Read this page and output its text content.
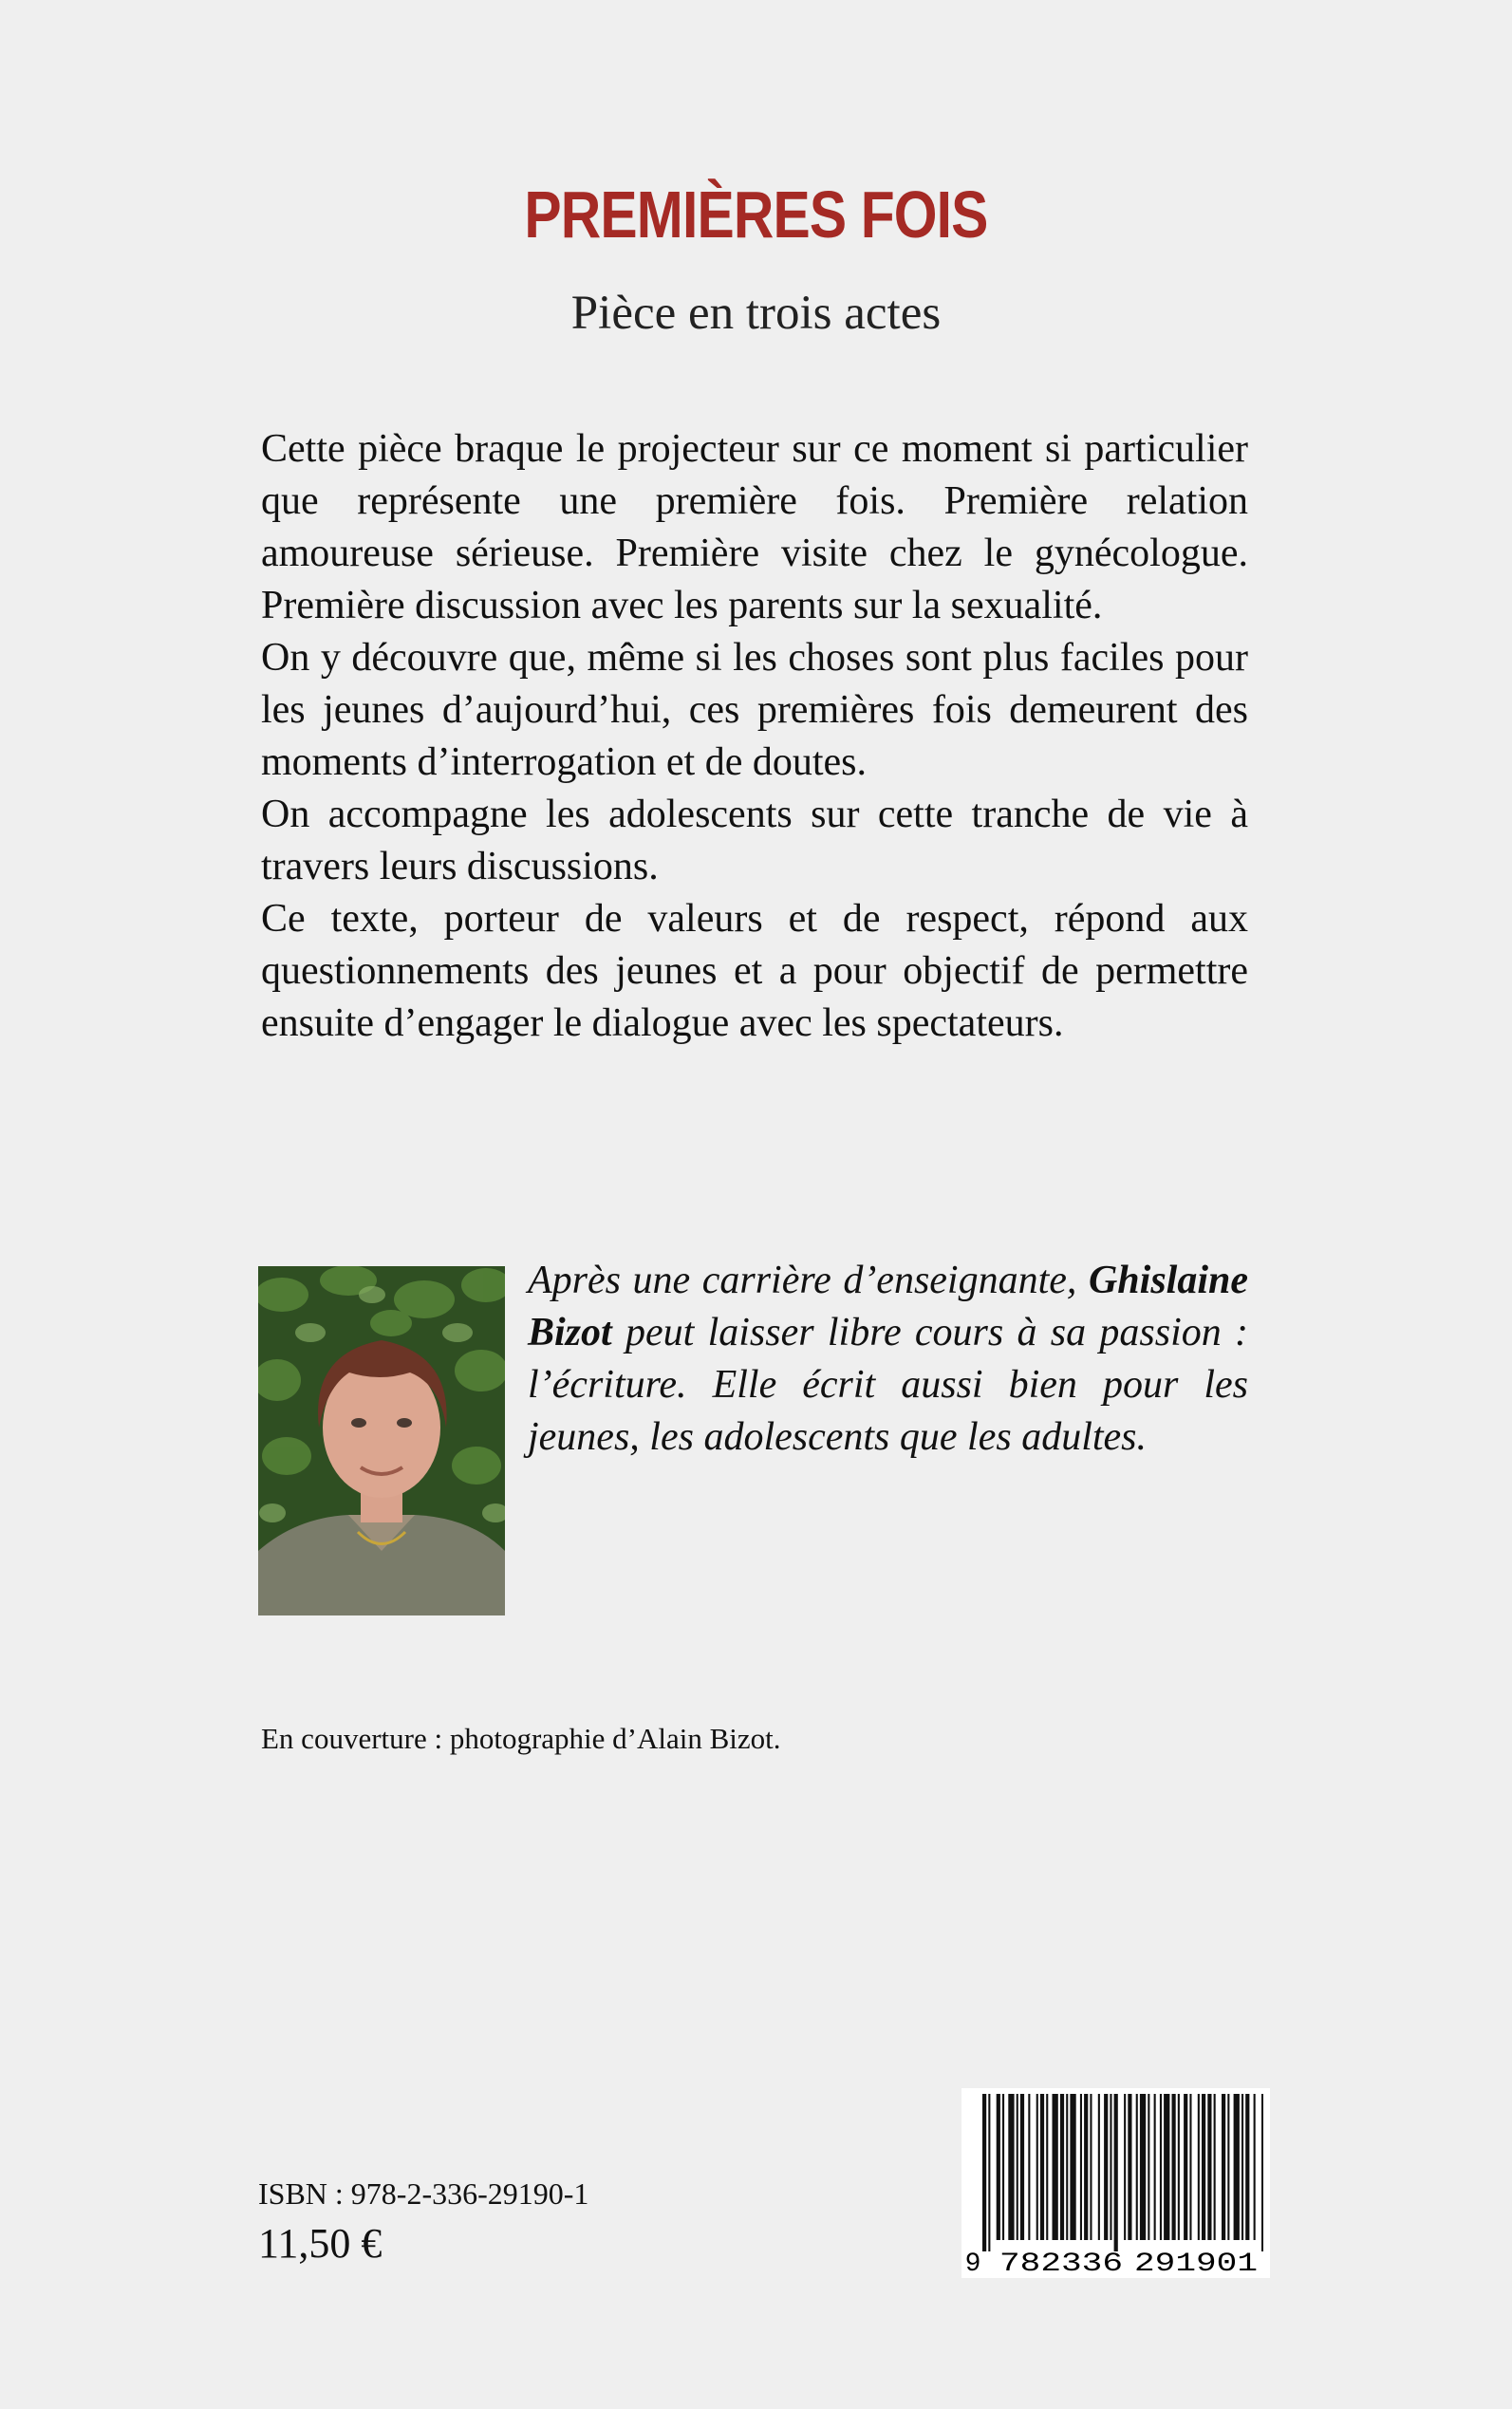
PREMIÈRES FOIS
Pièce en trois actes

Cette pièce braque le projecteur sur ce moment si particulier que représente une première fois. Première relation amoureuse sérieuse. Première visite chez le gynécologue. Première discussion avec les parents sur la sexualité.

On y découvre que, même si les choses sont plus faciles pour les jeunes d’aujourd’hui, ces premières fois demeurent des moments d’interrogation et de doutes.

On accompagne les adolescents sur cette tranche de vie à travers leurs discussions.

Ce texte, porteur de valeurs et de respect, répond aux questionnements des jeunes et a pour objectif de permettre ensuite d’engager le dialogue avec les spectateurs.

Après une carrière d’enseignante, Ghislaine Bizot peut laisser libre cours à sa passion : l’écriture. Elle écrit aussi bien pour les jeunes, les adolescents que les adultes.
En couverture : photographie d’Alain Bizot.
ISBN : 978-2-336-29190-1
11,50 €	9 782336 291901
